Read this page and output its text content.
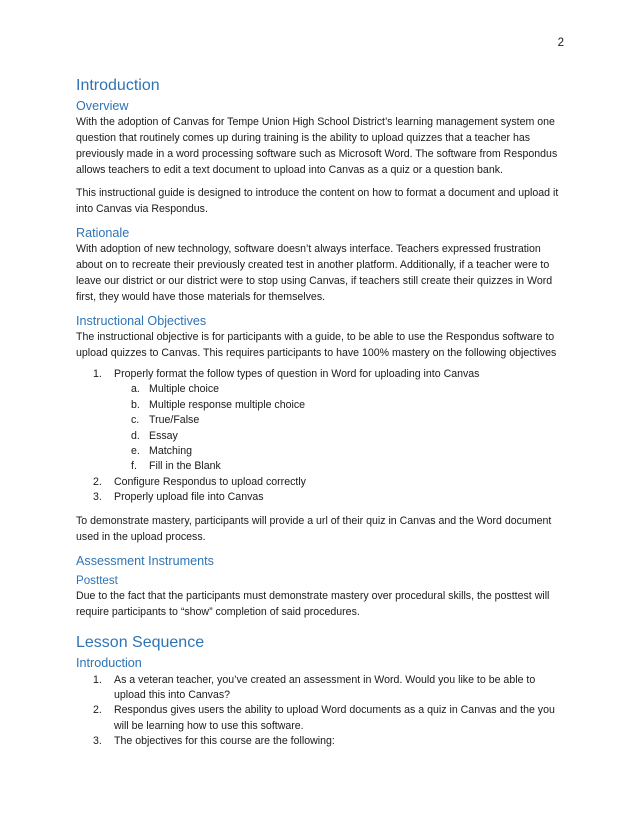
2
Introduction
Overview

With the adoption of Canvas for Tempe Union High School District’s learning management system one question that routinely comes up during training is the ability to upload quizzes that a teacher has previously made in a word processing software such as Microsoft Word. The software from Respondus allows teachers to edit a text document to upload into Canvas as a quiz or a question bank.

This instructional guide is designed to introduce the content on how to format a document and upload it into Canvas via Respondus.

Rationale

With adoption of new technology, software doesn’t always interface. Teachers expressed frustration about on to recreate their previously created test in another platform. Additionally, if a teacher were to leave our district or our district were to stop using Canvas, if teachers still create their quizzes in Word first, they would have those materials for themselves.

Instructional Objectives

The instructional objective is for participants with a guide, to be able to use the Respondus software to upload quizzes to Canvas. This requires participants to have 100% mastery on the following objectives

1. Properly format the follow types of question in Word for uploading into Canvas
a. Multiple choice
b. Multiple response multiple choice
c. True/False
d. Essay
e. Matching
f. Fill in the Blank
2. Configure Respondus to upload correctly
3. Properly upload file into Canvas

To demonstrate mastery, participants will provide a url of their quiz in Canvas and the Word document used in the upload process.

Assessment Instruments
Posttest

Due to the fact that the participants must demonstrate mastery over procedural skills, the posttest will require participants to “show” completion of said procedures.

Lesson Sequence
Introduction
1. As a veteran teacher, you’ve created an assessment in Word. Would you like to be able to upload this into Canvas?
2. Respondus gives users the ability to upload Word documents as a quiz in Canvas and the you will be learning how to use this software.
3. The objectives for this course are the following:
